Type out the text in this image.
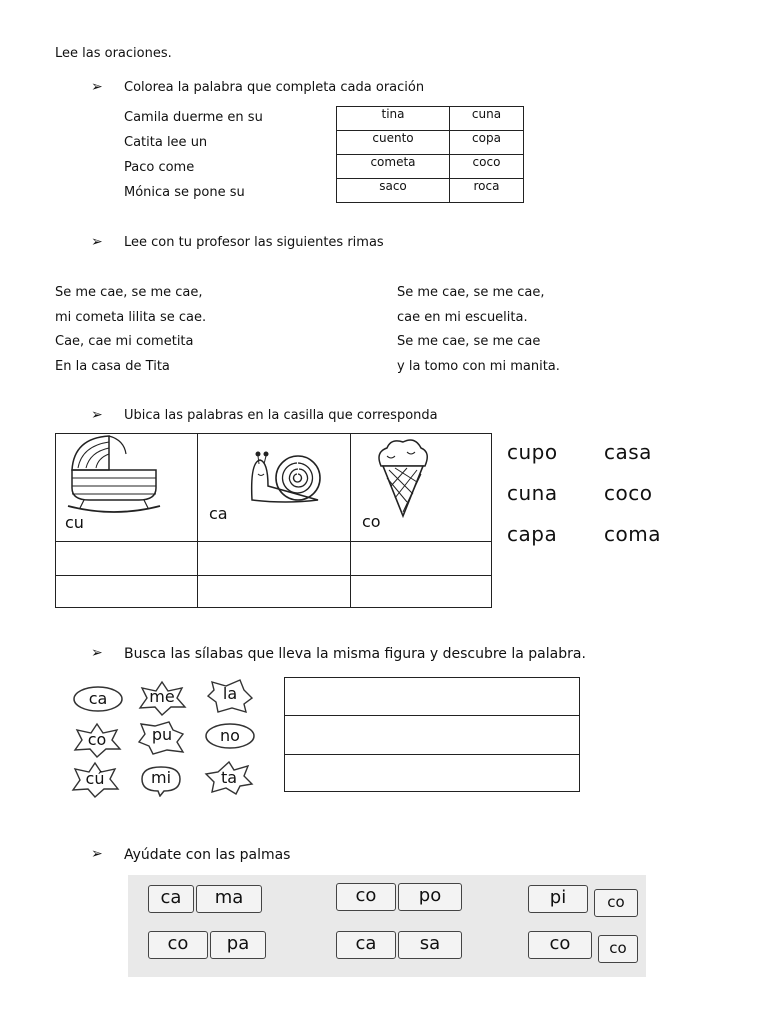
Lee las oraciones.
➢ Colorea la palabra que completa cada oración
Camila duerme en su
Catita lee un
Paco come
Mónica se pone su
tina	cuna
cuento	copa
cometa	coco
saco	roca
➢ Lee con tu profesor las siguientes rimas
Se me cae, se me cae,
mi cometa lilita se cae.
Cae, cae mi cometita
En la casa de Tita
Se me cae, se me cae,
cae en mi escuelita.
Se me cae, se me cae
y la tomo con mi manita.
➢ Ubica las palabras en la casilla que corresponda
cu	ca	co
cupo casa
cuna coco
capa coma
➢ Busca las sílabas que lleva la misma figura y descubre la palabra.
ca	me	la
co	pu	no
cú	mi	ta
➢ Ayúdate con las palmas
ca	ma	co	po	pi	co
co	pa	ca	sa	co	co
